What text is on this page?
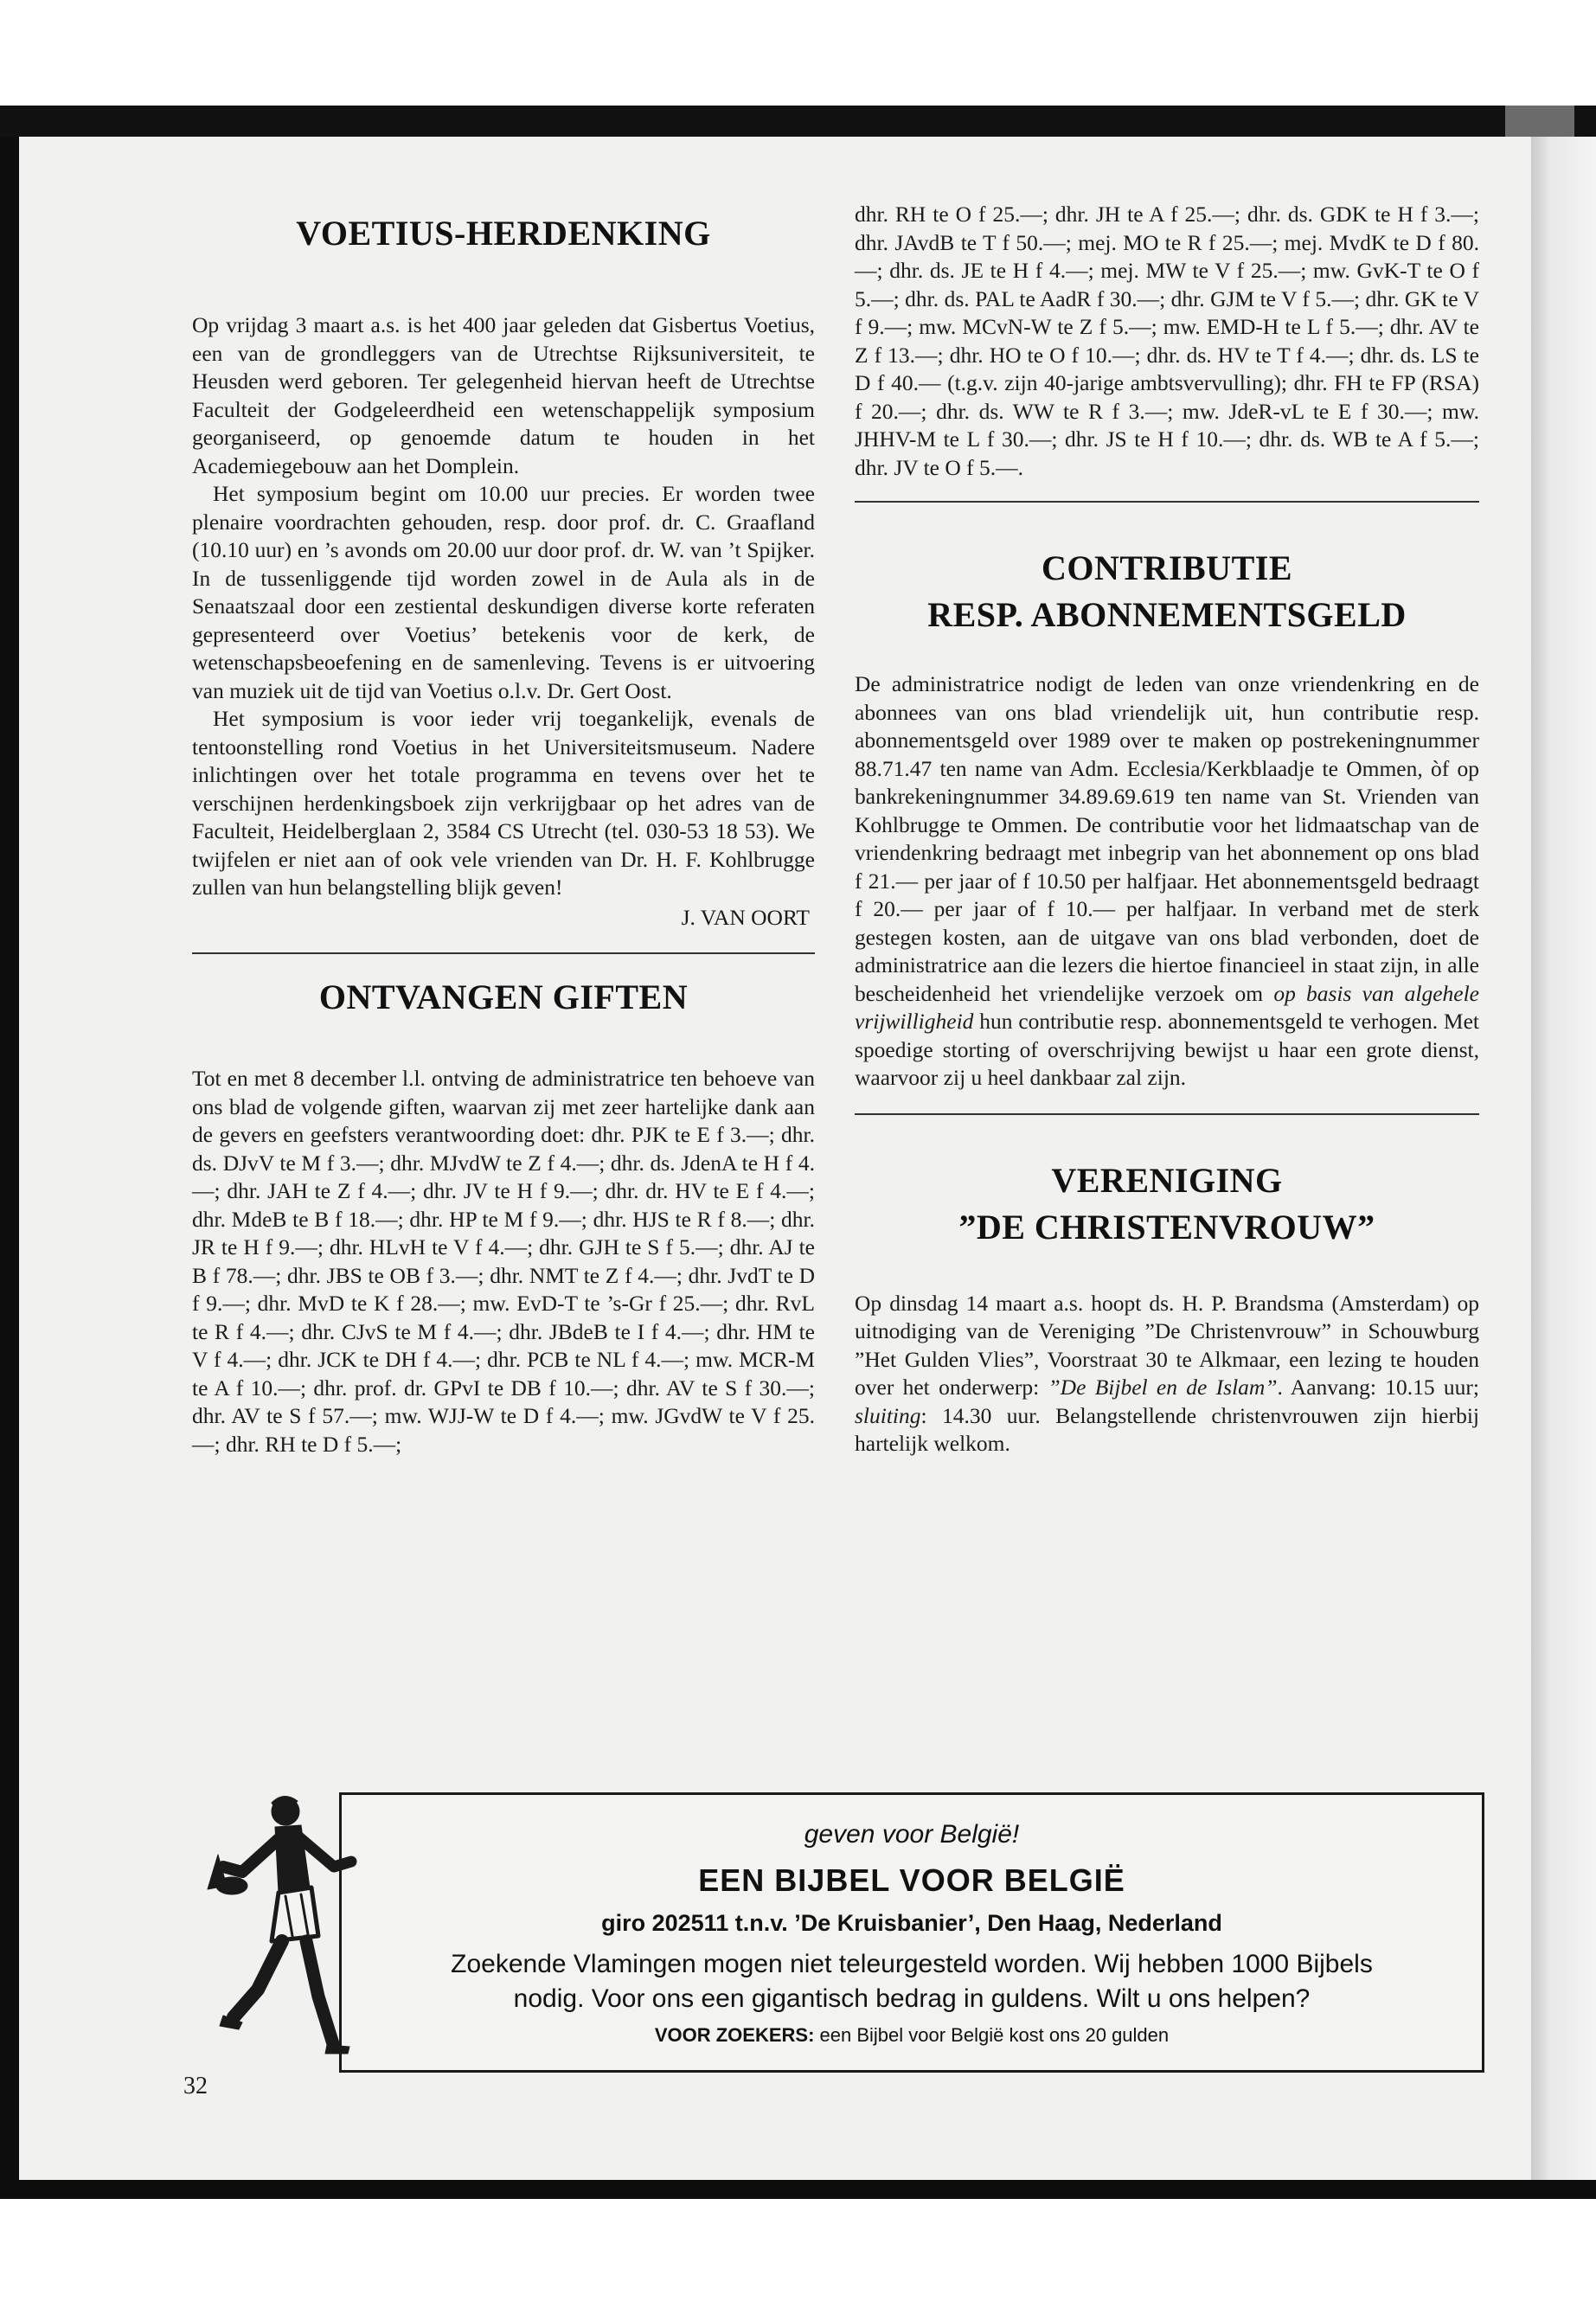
VOETIUS-HERDENKING

Op vrijdag 3 maart a.s. is het 400 jaar geleden dat Gisbertus Voetius, een van de grondleggers van de Utrechtse Rijksuniversiteit, te Heusden werd geboren. Ter gelegenheid hiervan heeft de Utrechtse Faculteit der Godgeleerdheid een wetenschappelijk symposium georganiseerd, op genoemde datum te houden in het Academiegebouw aan het Domplein.

Het symposium begint om 10.00 uur precies. Er worden twee plenaire voordrachten gehouden, resp. door prof. dr. C. Graafland (10.10 uur) en ’s avonds om 20.00 uur door prof. dr. W. van ’t Spijker. In de tussenliggende tijd worden zowel in de Aula als in de Senaatszaal door een zestiental deskundigen diverse korte referaten gepresenteerd over Voetius’ betekenis voor de kerk, de wetenschapsbeoefening en de samenleving. Tevens is er uitvoering van muziek uit de tijd van Voetius o.l.v. Dr. Gert Oost.

Het symposium is voor ieder vrij toegankelijk, evenals de tentoonstelling rond Voetius in het Universiteitsmuseum. Nadere inlichtingen over het totale programma en tevens over het te verschijnen herdenkingsboek zijn verkrijgbaar op het adres van de Faculteit, Heidelberglaan 2, 3584 CS Utrecht (tel. 030-53 18 53). We twijfelen er niet aan of ook vele vrienden van Dr. H. F. Kohlbrugge zullen van hun belangstelling blijk geven!

J. VAN OORT
ONTVANGEN GIFTEN

Tot en met 8 december l.l. ontving de administratrice ten behoeve van ons blad de volgende giften, waarvan zij met zeer hartelijke dank aan de gevers en geefsters verantwoording doet: dhr. PJK te E f 3.—; dhr. ds. DJvV te M f 3.—; dhr. MJvdW te Z f 4.—; dhr. ds. JdenA te H f 4.—; dhr. JAH te Z f 4.—; dhr. JV te H f 9.—; dhr. dr. HV te E f 4.—; dhr. MdeB te B f 18.—; dhr. HP te M f 9.—; dhr. HJS te R f 8.—; dhr. JR te H f 9.—; dhr. HLvH te V f 4.—; dhr. GJH te S f 5.—; dhr. AJ te B f 78.—; dhr. JBS te OB f 3.—; dhr. NMT te Z f 4.—; dhr. JvdT te D f 9.—; dhr. MvD te K f 28.—; mw. EvD-T te ’s-Gr f 25.—; dhr. RvL te R f 4.—; dhr. CJvS te M f 4.—; dhr. JBdeB te I f 4.—; dhr. HM te V f 4.—; dhr. JCK te DH f 4.—; dhr. PCB te NL f 4.—; mw. MCR-M te A f 10.—; dhr. prof. dr. GPvI te DB f 10.—; dhr. AV te S f 30.—; dhr. AV te S f 57.—; mw. WJJ-W te D f 4.—; mw. JGvdW te V f 25.—; dhr. RH te D f 5.—;

dhr. RH te O f 25.—; dhr. JH te A f 25.—; dhr. ds. GDK te H f 3.—; dhr. JAvdB te T f 50.—; mej. MO te R f 25.—; mej. MvdK te D f 80.—; dhr. ds. JE te H f 4.—; mej. MW te V f 25.—; mw. GvK-T te O f 5.—; dhr. ds. PAL te AadR f 30.—; dhr. GJM te V f 5.—; dhr. GK te V f 9.—; mw. MCvN-W te Z f 5.—; mw. EMD-H te L f 5.—; dhr. AV te Z f 13.—; dhr. HO te O f 10.—; dhr. ds. HV te T f 4.—; dhr. ds. LS te D f 40.— (t.g.v. zijn 40-jarige ambtsvervulling); dhr. FH te FP (RSA) f 20.—; dhr. ds. WW te R f 3.—; mw. JdeR-vL te E f 30.—; mw. JHHV-M te L f 30.—; dhr. JS te H f 10.—; dhr. ds. WB te A f 5.—; dhr. JV te O f 5.—.

CONTRIBUTIE
RESP. ABONNEMENTSGELD

De administratrice nodigt de leden van onze vriendenkring en de abonnees van ons blad vriendelijk uit, hun contributie resp. abonnementsgeld over 1989 over te maken op postrekeningnummer 88.71.47 ten name van Adm. Ecclesia/Kerkblaadje te Ommen, òf op bankrekeningnummer 34.89.69.619 ten name van St. Vrienden van Kohlbrugge te Ommen. De contributie voor het lidmaatschap van de vriendenkring bedraagt met inbegrip van het abonnement op ons blad f 21.— per jaar of f 10.50 per halfjaar. Het abonnementsgeld bedraagt f 20.— per jaar of f 10.— per halfjaar. In verband met de sterk gestegen kosten, aan de uitgave van ons blad verbonden, doet de administratrice aan die lezers die hiertoe financieel in staat zijn, in alle bescheidenheid het vriendelijke verzoek om op basis van algehele vrijwilligheid hun contributie resp. abonnementsgeld te verhogen. Met spoedige storting of overschrijving bewijst u haar een grote dienst, waarvoor zij u heel dankbaar zal zijn.

VERENIGING
”DE CHRISTENVROUW”

Op dinsdag 14 maart a.s. hoopt ds. H. P. Brandsma (Amsterdam) op uitnodiging van de Vereniging ”De Christenvrouw” in Schouwburg ”Het Gulden Vlies”, Voorstraat 30 te Alkmaar, een lezing te houden over het onderwerp: ”De Bijbel en de Islam”. Aanvang: 10.15 uur; sluiting: 14.30 uur. Belangstellende christenvrouwen zijn hierbij hartelijk welkom.

geven voor België!
EEN BIJBEL VOOR BELGIË
giro 202511 t.n.v. ’De Kruisbanier’, Den Haag, Nederland
Zoekende Vlamingen mogen niet teleurgesteld worden. Wij hebben 1000 Bijbels
nodig. Voor ons een gigantisch bedrag in guldens. Wilt u ons helpen?
VOOR ZOEKERS: een Bijbel voor België kost ons 20 gulden
32
